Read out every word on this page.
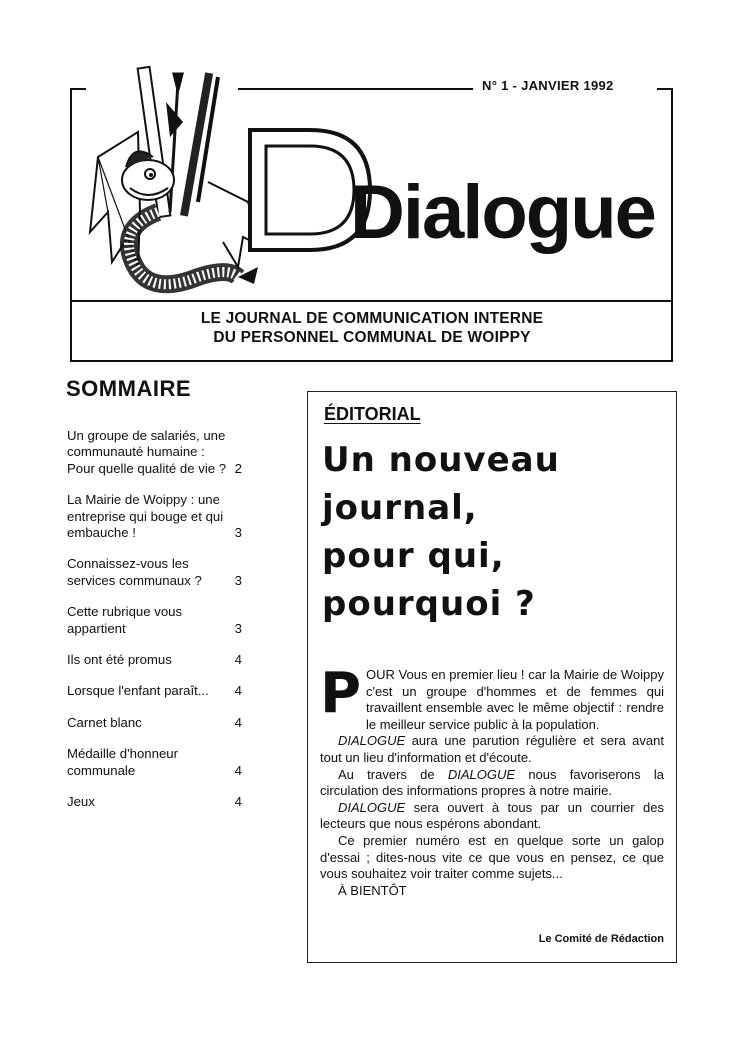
N° 1 - JANVIER 1992
Dialogue
LE JOURNAL DE COMMUNICATION INTERNE
DU PERSONNEL COMMUNAL DE WOIPPY
SOMMAIRE
Un groupe de salariés, une communauté humaine : Pour quelle qualité de vie ? 2
La Mairie de Woippy : une entreprise qui bouge et qui embauche !	3
Connaissez-vous les services communaux ?	3
Cette rubrique vous appartient	3
Ils ont été promus	4
Lorsque l'enfant paraît...	4
Carnet blanc	4
Médaille d'honneur communale	4
Jeux	4
ÉDITORIAL
Un nouveau
journal,
pour qui,
pourquoi ?

POUR Vous en premier lieu ! car la Mairie de Woippy c'est un groupe d'hommes et de femmes qui travaillent ensemble avec le même objectif : rendre le meilleur service public à la population.

DIALOGUE aura une parution régulière et sera avant tout un lieu d'information et d'écoute.

Au travers de DIALOGUE nous favoriserons la circulation des informations propres à notre mairie.

DIALOGUE sera ouvert à tous par un courrier des lecteurs que nous espérons abondant.

Ce premier numéro est en quelque sorte un galop d'essai ; dites-nous vite ce que vous en pensez, ce que vous souhaitez voir traiter comme sujets...

À BIENTÔT

Le Comité de Rédaction
